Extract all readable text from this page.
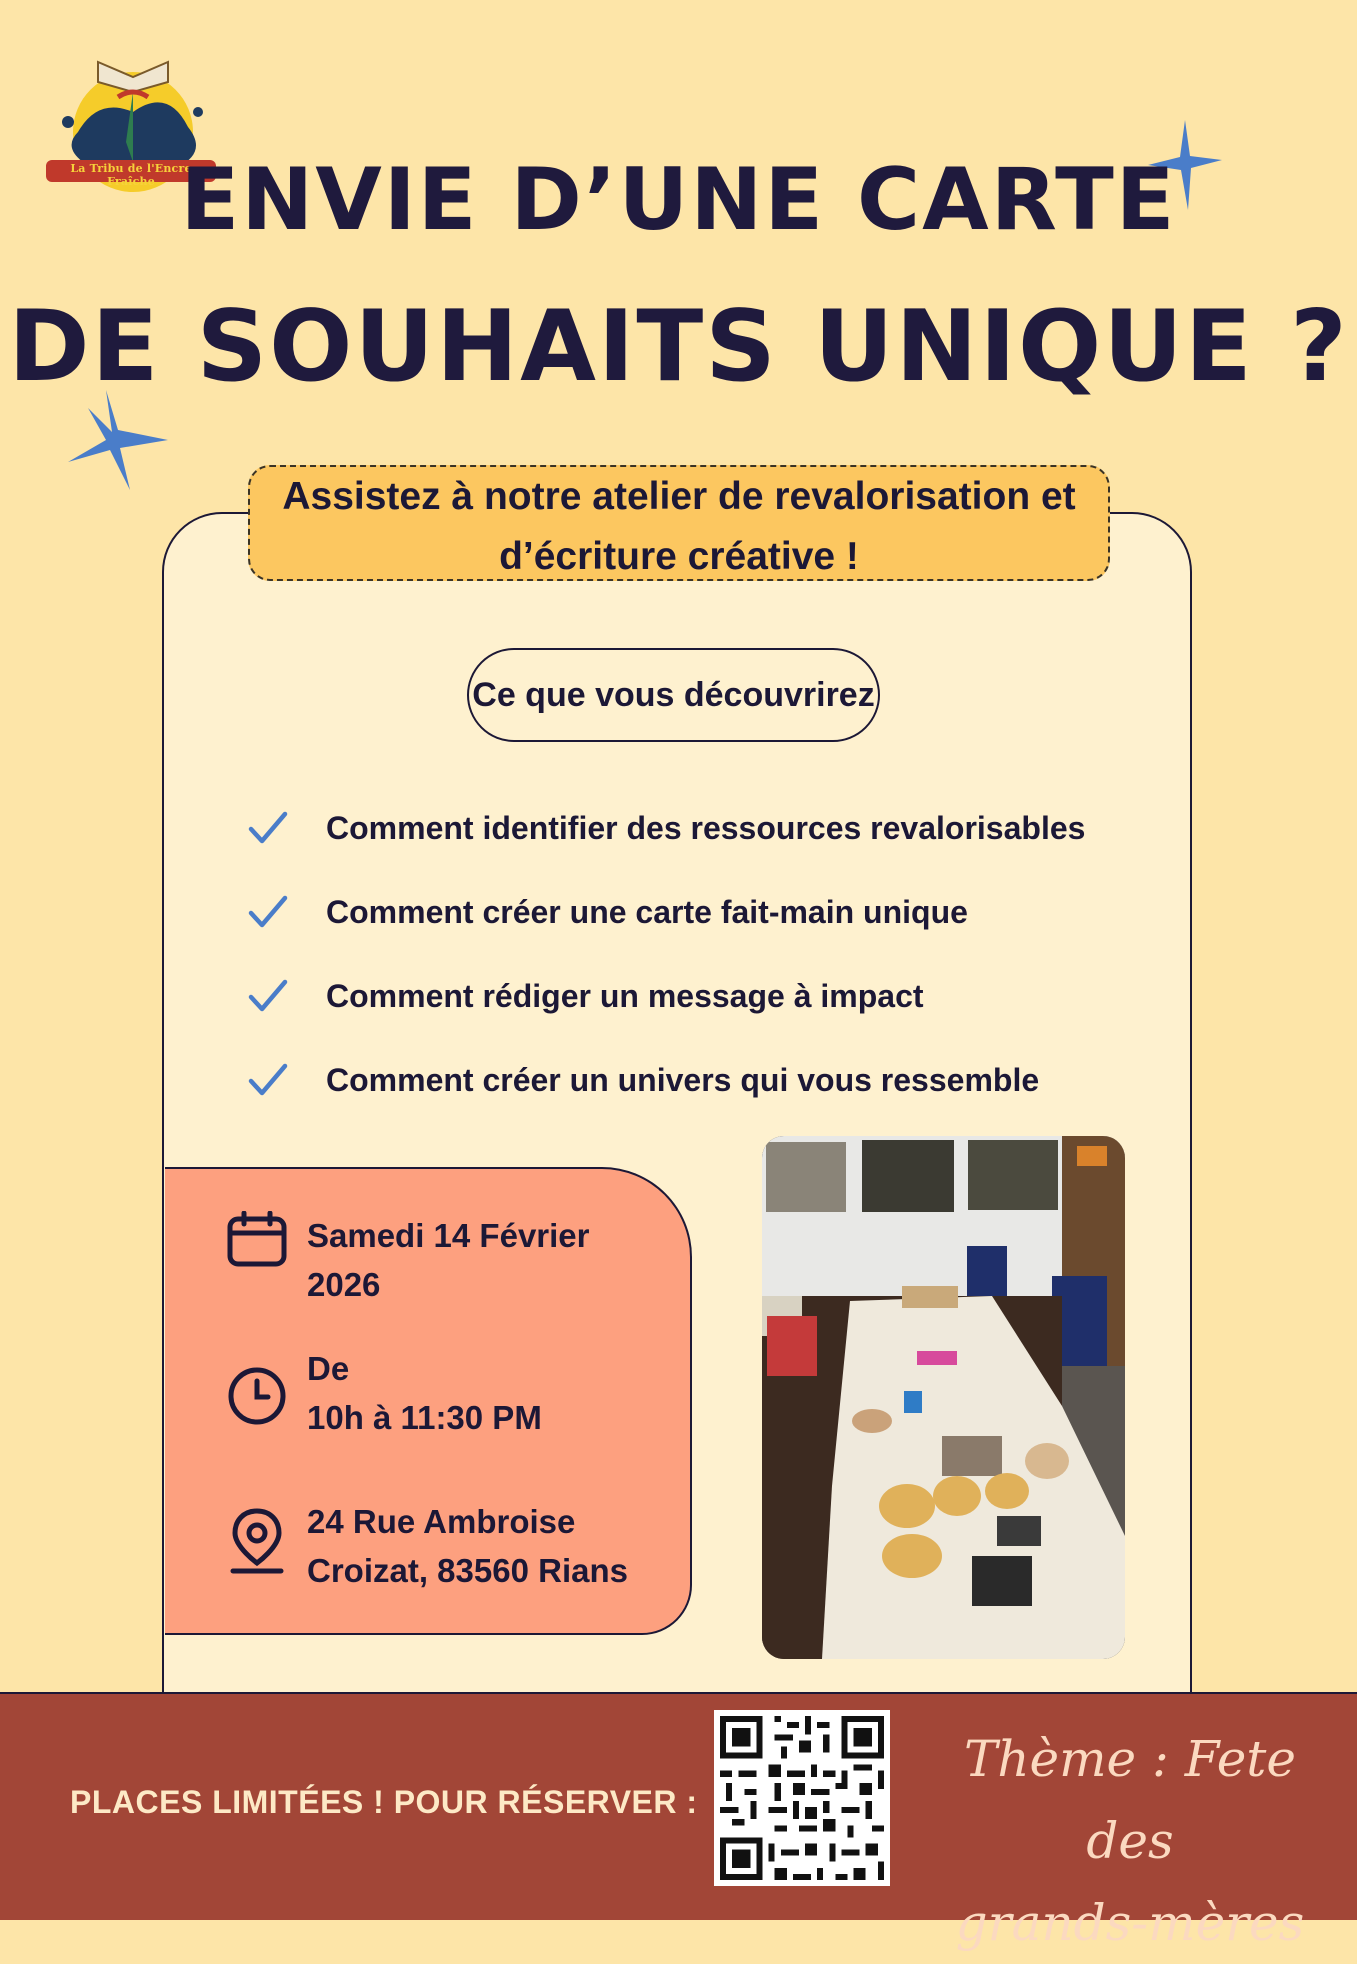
La Tribu de l'Encre Fraîche ENVIE D’UNE CARTE
DE SOUHAITS UNIQUE ?
Assistez à notre atelier de revalorisation et
d’écriture créative !
Ce que vous découvrirez
Comment identifier des ressources revalorisables
Comment créer une carte fait-main unique
Comment rédiger un message à impact
Comment créer un univers qui vous ressemble
Samedi 14 Février
2026
De
10h à 11:30 PM
24 Rue Ambroise
Croizat, 83560 Rians
PLACES LIMITÉES ! POUR RÉSERVER :
Thème : Fete des
grands-mères
